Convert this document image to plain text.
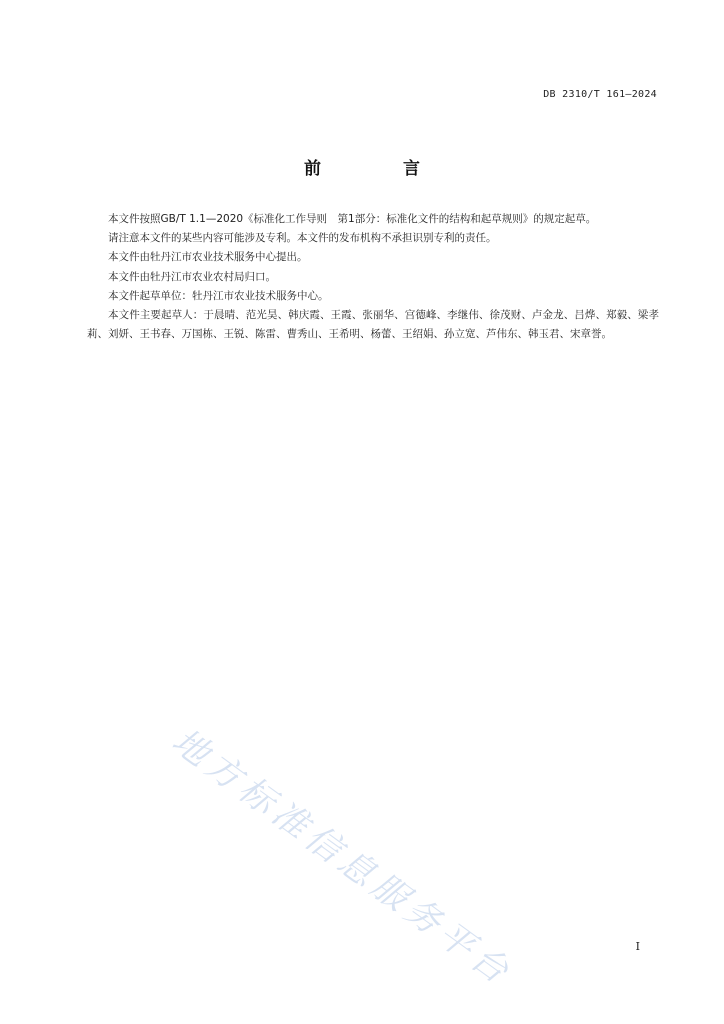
DB 2310/T 161—2024
前 言

本文件按照GB/T 1.1—2020《标准化工作导则　第1部分：标准化文件的结构和起草规则》的规定起草。

请注意本文件的某些内容可能涉及专利。本文件的发布机构不承担识别专利的责任。

本文件由牡丹江市农业技术服务中心提出。

本文件由牡丹江市农业农村局归口。

本文件起草单位：牡丹江市农业技术服务中心。

本文件主要起草人：于晨晴、范光昊、韩庆霞、王霞、张丽华、宫德峰、李继伟、徐茂财、卢金龙、吕烨、郑毅、梁孝莉、刘妍、王书春、万国栋、王锐、陈雷、曹秀山、王希明、杨蕾、王绍娟、孙立宽、芦伟东、韩玉君、宋章誉。

地方标准信息服务平台	I
